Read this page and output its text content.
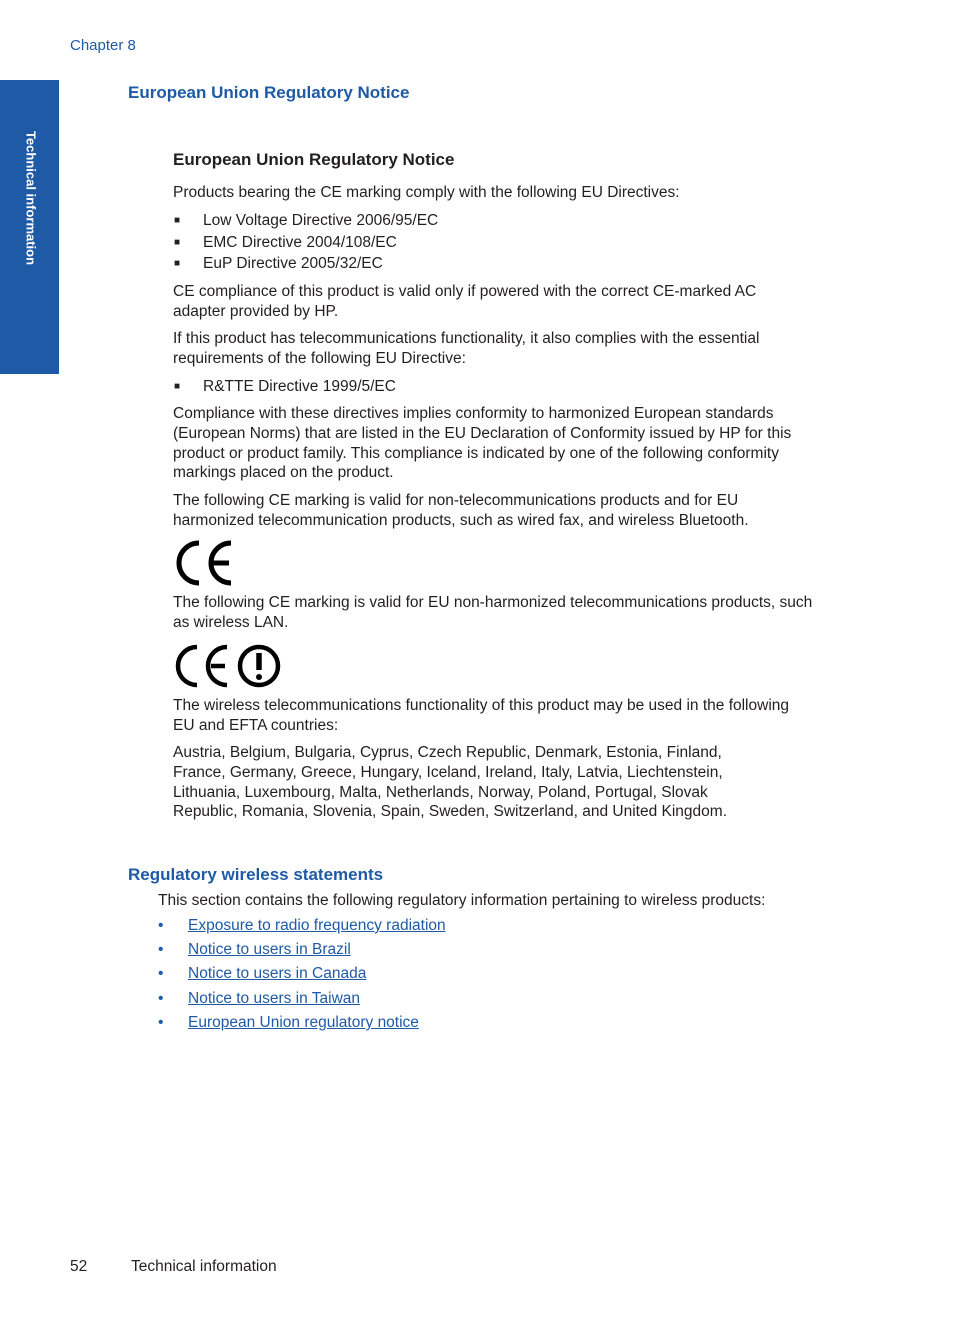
Chapter 8
Technical information
European Union Regulatory Notice
European Union Regulatory Notice

Products bearing the CE marking comply with the following EU Directives:

■ Low Voltage Directive 2006/95/EC
■ EMC Directive 2004/108/EC
■ EuP Directive 2005/32/EC

CE compliance of this product is valid only if powered with the correct CE-marked AC adapter provided by HP.

If this product has telecommunications functionality, it also complies with the essential requirements of the following EU Directive:

■ R&TTE Directive 1999/5/EC

Compliance with these directives implies conformity to harmonized European standards (European Norms) that are listed in the EU Declaration of Conformity issued by HP for this product or product family. This compliance is indicated by one of the following conformity markings placed on the product.

The following CE marking is valid for non-telecommunications products and for EU harmonized telecommunication products, such as wired fax, and wireless Bluetooth.

The following CE marking is valid for EU non-harmonized telecommunications products, such as wireless LAN.

The wireless telecommunications functionality of this product may be used in the following EU and EFTA countries:

Austria, Belgium, Bulgaria, Cyprus, Czech Republic, Denmark, Estonia, Finland, France, Germany, Greece, Hungary, Iceland, Ireland, Italy, Latvia, Liechtenstein, Lithuania, Luxembourg, Malta, Netherlands, Norway, Poland, Portugal, Slovak Republic, Romania, Slovenia, Spain, Sweden, Switzerland, and United Kingdom.

Regulatory wireless statements

This section contains the following regulatory information pertaining to wireless products:

• Exposure to radio frequency radiation
• Notice to users in Brazil
• Notice to users in Canada
• Notice to users in Taiwan
• European Union regulatory notice
52	Technical information
